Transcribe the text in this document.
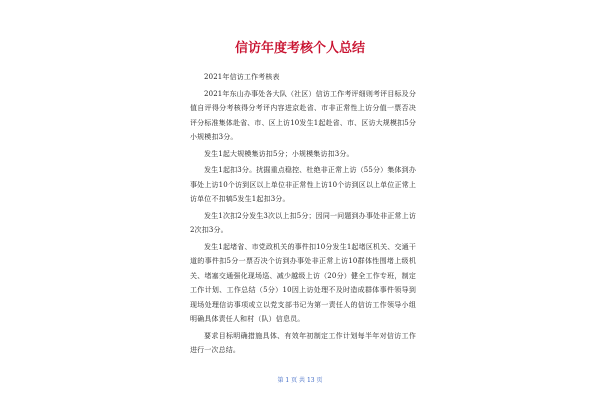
信访年度考核个人总结

2021年信访工作考核表

2021年东山办事处各大队（社区）信访工作考评细则考评目标及分值自评得分考核得分考评内容进京赴省、市非正常性上访分值一票否决评分标准集体赴省、市、区上访10发生1起赴省、市、区访大规模扣5分小规模扣3分。

发生1起大规模集访扣5分；小规模集访扣3分。

发生1起扣3分。扰掘重点稳控、杜绝非正常上访（55分）集体到办事处上访10个访到区以上单位非正常性上访10个访到区以上单位正常上访单位不扣犒5发生1起扣3分。

发生1次扣2分发生3次以上扣5分；因同一问题到办事处非正常上访2次扣3分。

发生1起堵省、市党政机关的事件扣10分发生1起堵区机关、交通干道的事件扣5分一票否决个访到办事处非正常上访10群体性围堵上级机关、堵塞交通强化现场巡、减少越级上访（20分）健全工作专班，制定工作计划、工作总结（5分）10因上访处理不及时造成群体事件领导到现场处理信访事项或立以党支部书记为第一责任人的信访工作领导小组明确具体责任人和村（队）信息员。

要求目标明确措施具体、有效年初制定工作计划每半年对信访工作进行一次总结。

第 1 页 共 13 页
